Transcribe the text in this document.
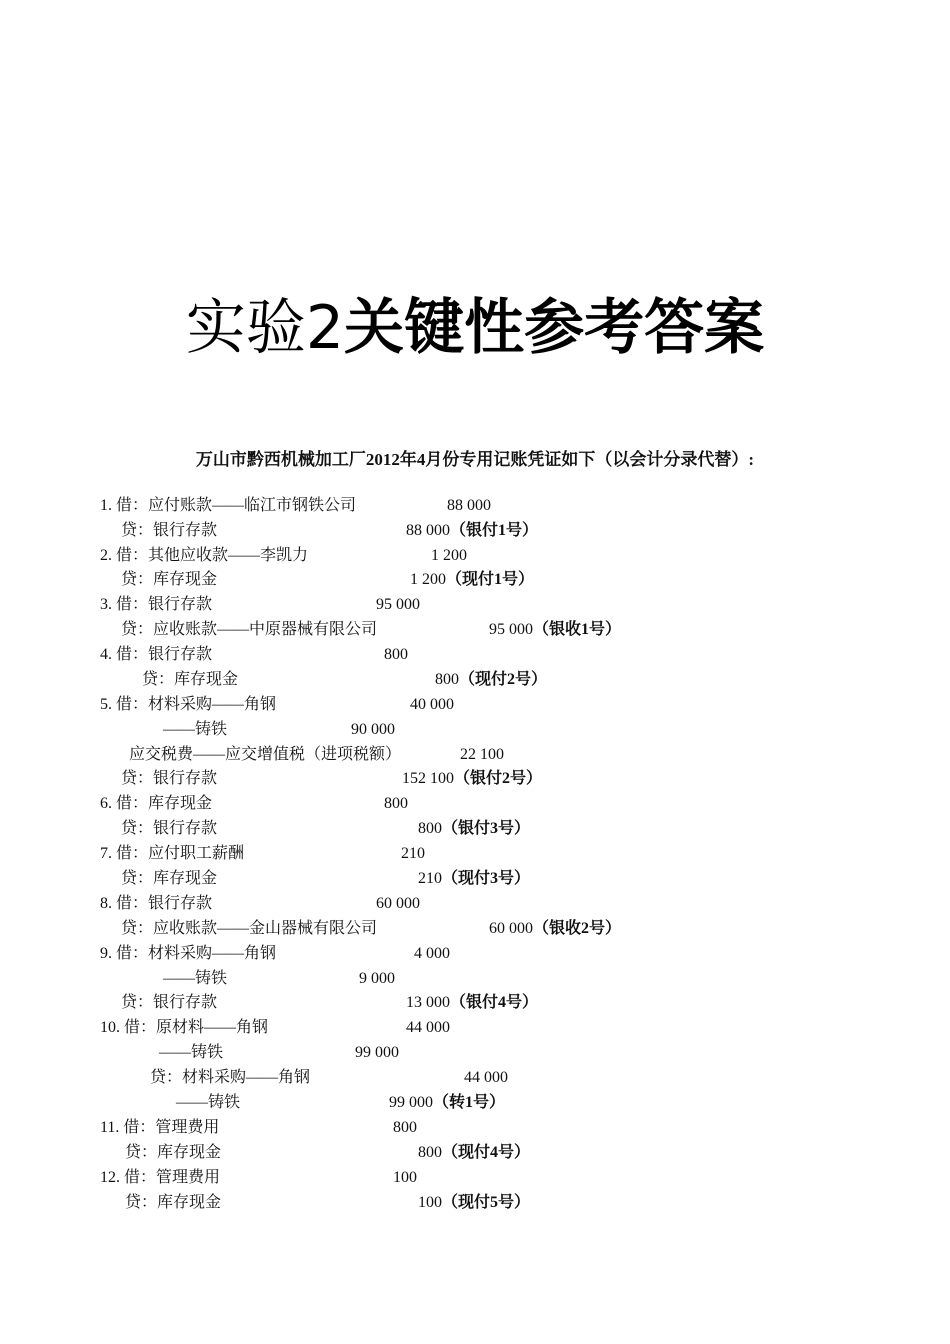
实验2关键性参考答案
万山市黔西机械加工厂2012年4月份专用记账凭证如下（以会计分录代替）:
1. 借：应付账款——临江市钢铁公司	88 000
贷：银行存款	88 000（银付1号）
2. 借：其他应收款——李凯力	1 200
贷：库存现金	1 200（现付1号）
3. 借：银行存款	95 000
贷：应收账款——中原器械有限公司	95 000（银收1号）
4. 借：银行存款	800
贷：库存现金	800（现付2号）
5. 借：材料采购——角钢	40 000
——铸铁	90 000
应交税费——应交增值税（进项税额）	22 100
贷：银行存款	152 100（银付2号）
6. 借：库存现金	800
贷：银行存款	800（银付3号）
7. 借：应付职工薪酬	210
贷：库存现金	210（现付3号）
8. 借：银行存款	60 000
贷：应收账款——金山器械有限公司	60 000（银收2号）
9. 借：材料采购——角钢	4 000
——铸铁	9 000
贷：银行存款	13 000（银付4号）
10. 借：原材料——角钢	44 000
——铸铁	99 000
贷：材料采购——角钢	44 000
——铸铁	99 000（转1号）
11. 借：管理费用	800
贷：库存现金	800（现付4号）
12. 借：管理费用	100
贷：库存现金	100（现付5号）
